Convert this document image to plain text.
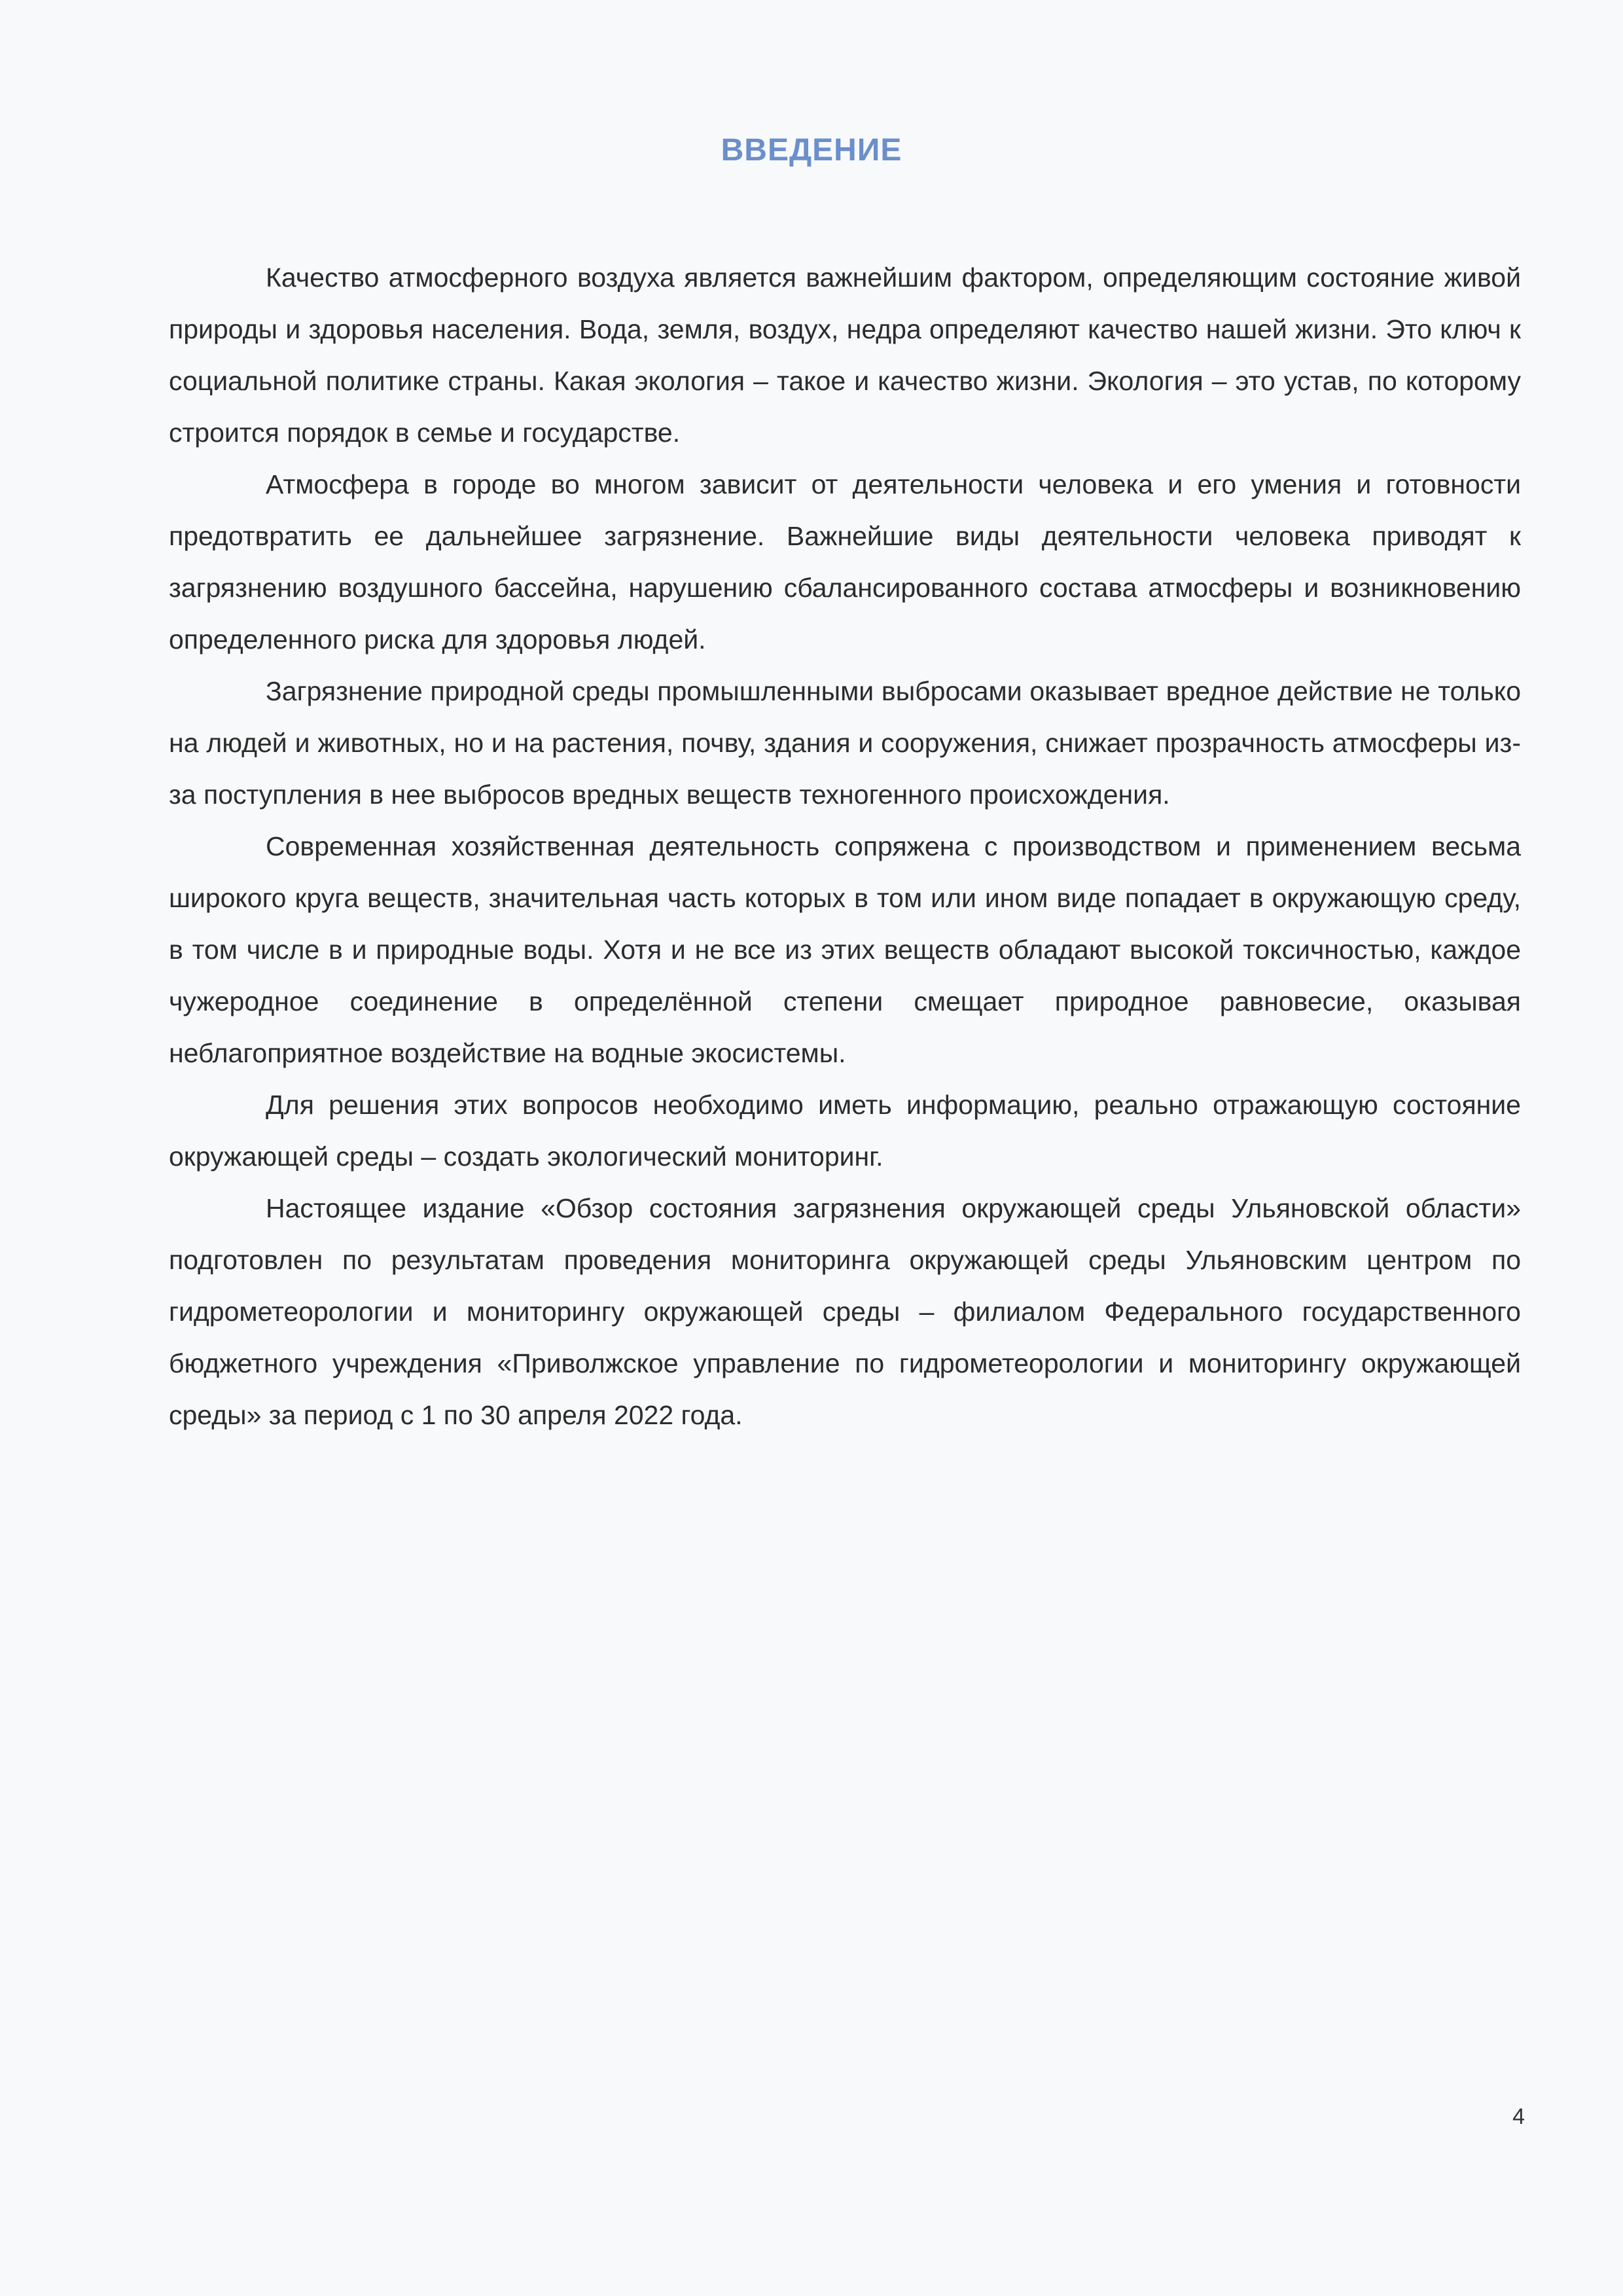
ВВЕДЕНИЕ

Качество атмосферного воздуха является важнейшим фактором, определяющим состояние живой природы и здоровья населения. Вода, земля, воздух, недра определяют качество нашей жизни. Это ключ к социальной политике страны. Какая экология – такое и качество жизни. Экология – это устав, по которому строится порядок в семье и государстве.

Атмосфера в городе во многом зависит от деятельности человека и его умения и готовности предотвратить ее дальнейшее загрязнение. Важнейшие виды деятельности человека приводят к загрязнению воздушного бассейна, нарушению сбалансированного состава атмосферы и возникновению определенного риска для здоровья людей.

Загрязнение природной среды промышленными выбросами оказывает вредное действие не только на людей и животных, но и на растения, почву, здания и сооружения, снижает прозрачность атмосферы из-за поступления в нее выбросов вредных веществ техногенного происхождения.

Современная хозяйственная деятельность сопряжена с производством и применением весьма широкого круга веществ, значительная часть которых в том или ином виде попадает в окружающую среду, в том числе в и природные воды. Хотя и не все из этих веществ обладают высокой токсичностью, каждое чужеродное соединение в определённой степени смещает природное равновесие, оказывая неблагоприятное воздействие на водные экосистемы.

Для решения этих вопросов необходимо иметь информацию, реально отражающую состояние окружающей среды – создать экологический мониторинг.

Настоящее издание «Обзор состояния загрязнения окружающей среды Ульяновской области» подготовлен по результатам проведения мониторинга окружающей среды Ульяновским центром по гидрометеорологии и мониторингу окружающей среды – филиалом Федерального государственного бюджетного учреждения «Приволжское управление по гидрометеорологии и мониторингу окружающей среды» за период с 1 по 30 апреля 2022 года.

4
